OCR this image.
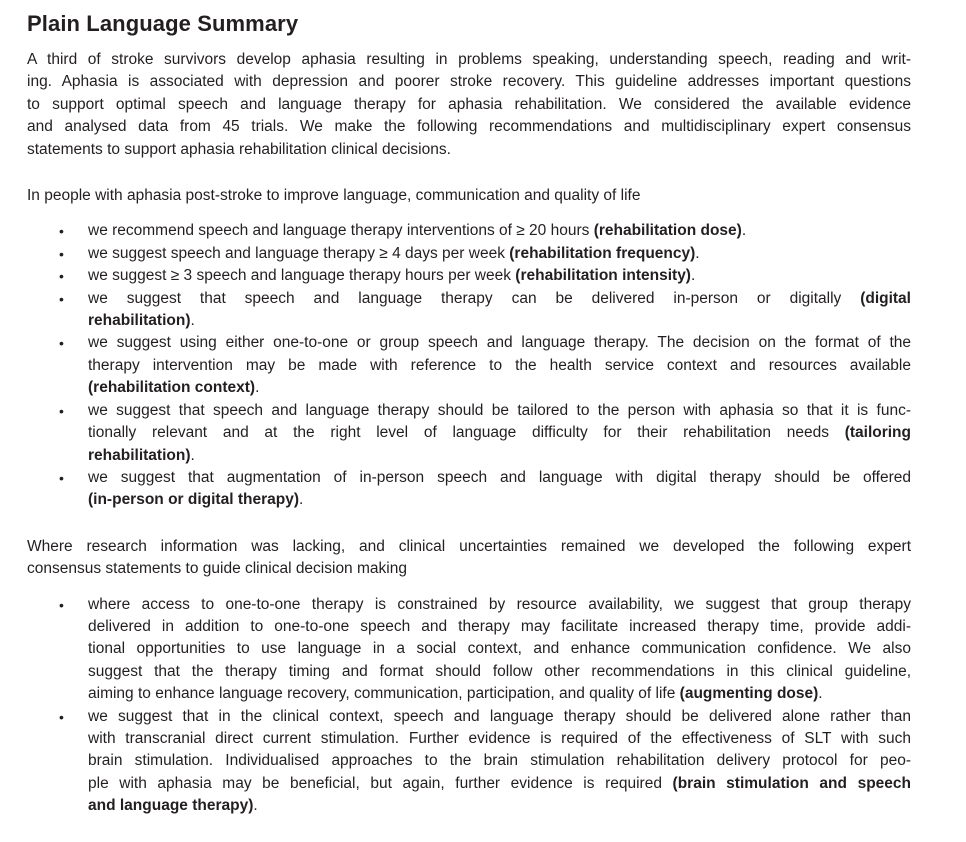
Plain Language Summary
A third of stroke survivors develop aphasia resulting in problems speaking, understanding speech, reading and writ-
ing. Aphasia is associated with depression and poorer stroke recovery. This guideline addresses important questions
to support optimal speech and language therapy for aphasia rehabilitation. We considered the available evidence
and analysed data from 45 trials. We make the following recommendations and multidisciplinary expert consensus
statements to support aphasia rehabilitation clinical decisions.
In people with aphasia post-stroke to improve language, communication and quality of life
•	we recommend speech and language therapy interventions of ≥ 20 hours (rehabilitation dose).
•	we suggest speech and language therapy ≥ 4 days per week (rehabilitation frequency).
•	we suggest ≥ 3 speech and language therapy hours per week (rehabilitation intensity).
•	we suggest that speech and language therapy can be delivered in-person or digitally (digital
rehabilitation).
•	we suggest using either one-to-one or group speech and language therapy. The decision on the format of the
therapy intervention may be made with reference to the health service context and resources available
(rehabilitation context).
•	we suggest that speech and language therapy should be tailored to the person with aphasia so that it is func-
tionally relevant and at the right level of language difficulty for their rehabilitation needs (tailoring
rehabilitation).
•	we suggest that augmentation of in-person speech and language with digital therapy should be offered
(in-person or digital therapy).
Where research information was lacking, and clinical uncertainties remained we developed the following expert
consensus statements to guide clinical decision making
•	where access to one-to-one therapy is constrained by resource availability, we suggest that group therapy
delivered in addition to one-to-one speech and therapy may facilitate increased therapy time, provide addi-
tional opportunities to use language in a social context, and enhance communication confidence. We also
suggest that the therapy timing and format should follow other recommendations in this clinical guideline,
aiming to enhance language recovery, communication, participation, and quality of life (augmenting dose).
•	we suggest that in the clinical context, speech and language therapy should be delivered alone rather than
with transcranial direct current stimulation. Further evidence is required of the effectiveness of SLT with such
brain stimulation. Individualised approaches to the brain stimulation rehabilitation delivery protocol for peo-
ple with aphasia may be beneficial, but again, further evidence is required (brain stimulation and speech
and language therapy).
